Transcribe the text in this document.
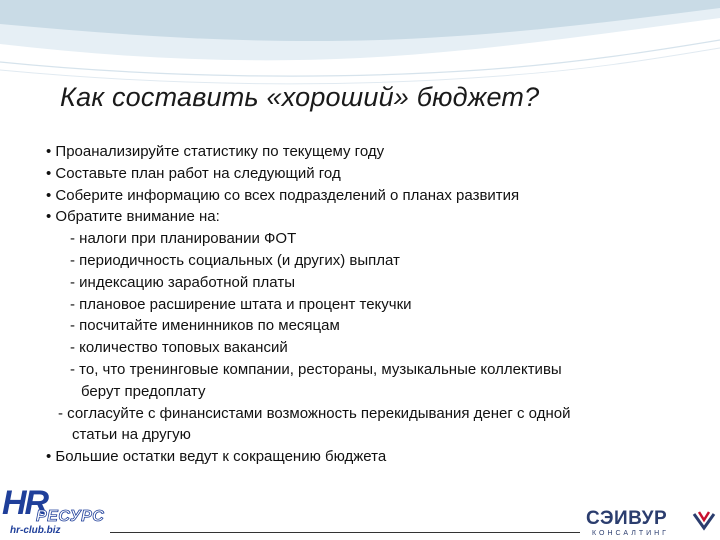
Как составить «хороший» бюджет?
• Проанализируйте статистику по текущему году
• Составьте план работ на следующий год
• Соберите информацию со всех подразделений о планах развития
• Обратите внимание на:
- налоги при планировании ФОТ
- периодичность социальных (и других) выплат
- индексацию заработной платы
- плановое расширение штата и процент текучки
- посчитайте именинников по месяцам
- количество топовых вакансий
- то, что тренинговые компании, рестораны, музыкальные коллективы
берут предоплату
- согласуйте с финансистами возможность перекидывания денег с одной
статьи на другую
• Большие остатки ведут к сокращению бюджета
HR
РЕСУРС
hr-club.biz
СЭИВУР
КОНСАЛТИНГ
